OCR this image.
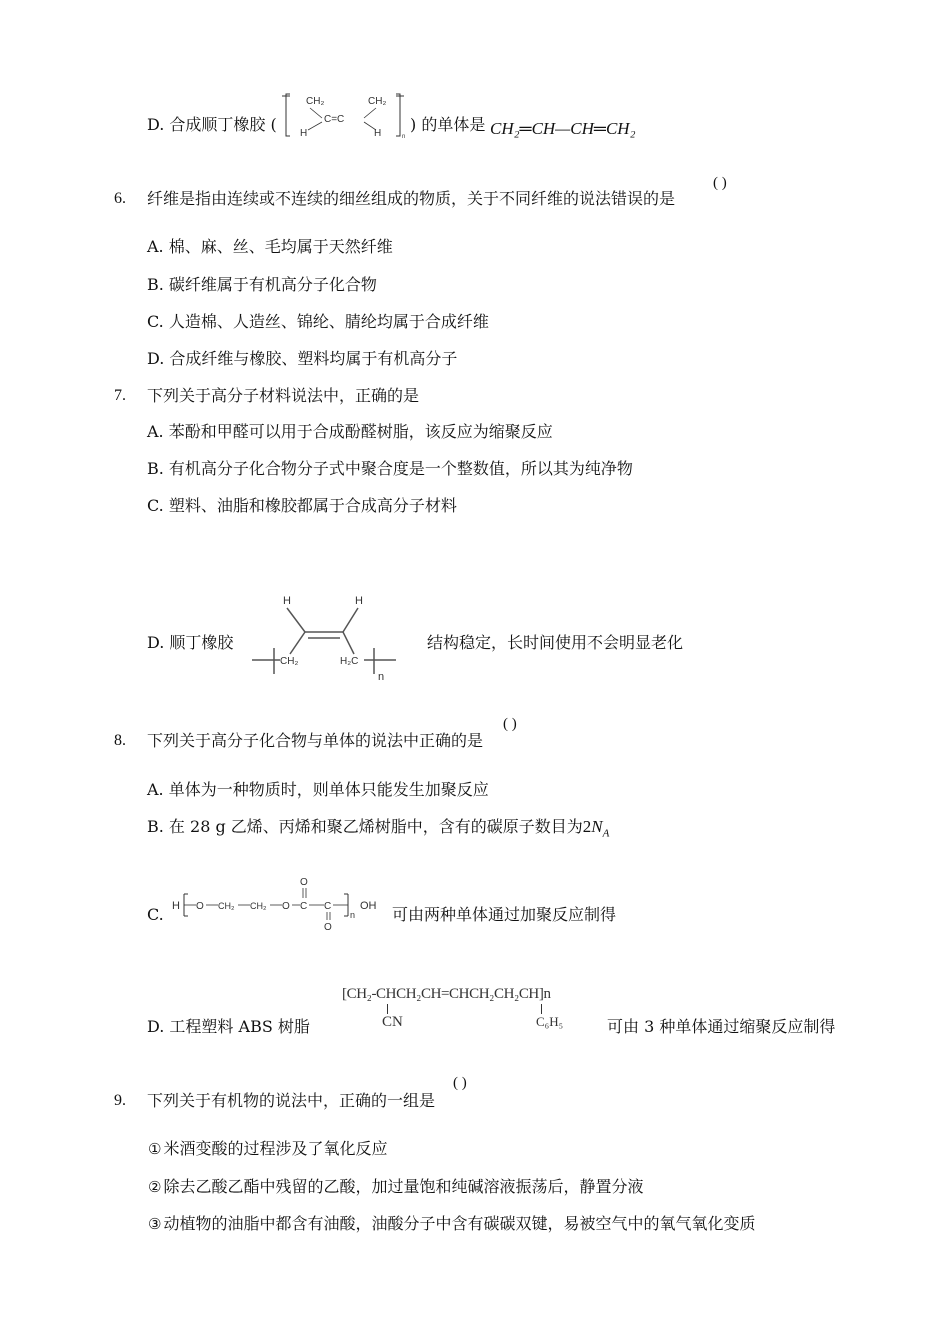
D. 合成顺丁橡胶 (
CH₂	CH₂
C=C
H	H	n
) 的单体是 CH₂═CH—CH═CH₂
6. 纤维是指由连续或不连续的细丝组成的物质，关于不同纤维的说法错误的是
( )
A. 棉、麻、丝、毛均属于天然纤维
B. 碳纤维属于有机高分子化合物
C. 人造棉、人造丝、锦纶、腈纶均属于合成纤维
D. 合成纤维与橡胶、塑料均属于有机高分子
7. 下列关于高分子材料说法中，正确的是
A. 苯酚和甲醛可以用于合成酚醛树脂，该反应为缩聚反应
B. 有机高分子化合物分子式中聚合度是一个整数值，所以其为纯净物
C. 塑料、油脂和橡胶都属于合成高分子材料
D. 顺丁橡胶
H	H
CH₂	H₂C
n
结构稳定，长时间使用不会明显老化
8. 下列关于高分子化合物与单体的说法中正确的是
( )
A. 单体为一种物质时，则单体只能发生加聚反应
B. 在 28 g 乙烯、丙烯和聚乙烯树脂中，含有的碳原子数目为$2N_A$
C. H O CH₂ CH₂ O C
O
C
O
n
OH 可由两种单体通过加聚反应制得
D. 工程塑料 ABS 树脂
[CH₂-CHCH₂CH=CHCH₂CH₂CH]n
CN	C₆H₅	可由 3 种单体通过缩聚反应制得
9. 下列关于有机物的说法中，正确的一组是
( )
① 米酒变酸的过程涉及了氧化反应
② 除去乙酸乙酯中残留的乙酸，加过量饱和纯碱溶液振荡后，静置分液
③ 动植物的油脂中都含有油酸，油酸分子中含有碳碳双键，易被空气中的氧气氧化变质
